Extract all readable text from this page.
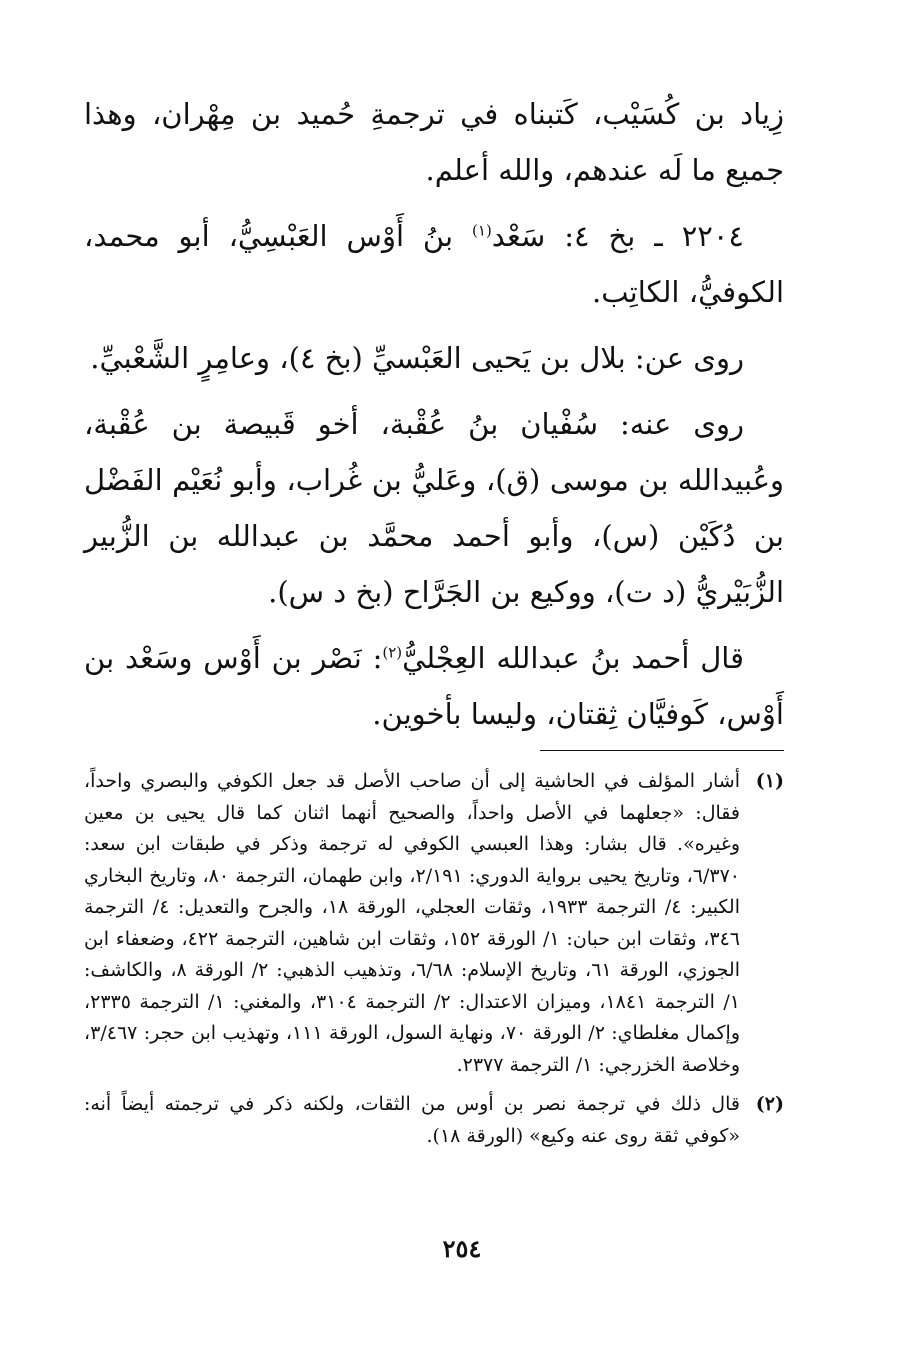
زِياد بن كُسَيْب، كَتبناه في ترجمةِ حُميد بن مِهْران، وهذا جميع ما لَه عندهم، والله أعلم.

٢٢٠٤ ـ بخ ٤: سَعْد$^{(١)}$ بنُ أَوْس العَبْسِيُّ، أبو محمد، الكوفيُّ، الكاتِب.

روى عن: بلال بن يَحيى العَبْسيِّ (بخ ٤)، وعامِرٍ الشَّعْبيِّ.

روى عنه: سُفْيان بنُ عُقْبة، أخو قَبيصة بن عُقْبة، وعُبيدالله بن موسى (ق)، وعَليُّ بن غُراب، وأبو نُعَيْم الفَضْل بن دُكَيْن (س)، وأبو أحمد محمَّد بن عبدالله بن الزُّبير الزُّبَيْريُّ (د ت)، ووكيع بن الجَرَّاح (بخ د س).

قال أحمد بنُ عبدالله العِجْليُّ$^{(٢)}$: نَصْر بن أَوْس وسَعْد بن أَوْس، كَوفيَّان ثِقتان، وليسا بأخوين.

(١)
أشار المؤلف في الحاشية إلى أن صاحب الأصل قد جعل الكوفي والبصري واحداً، فقال: «جعلهما في الأصل واحداً، والصحيح أنهما اثنان كما قال يحيى بن معين وغيره». قال بشار: وهذا العبسي الكوفي له ترجمة وذكر في طبقات ابن سعد: ٦/٣٧٠، وتاريخ يحيى برواية الدوري: ٢/١٩١، وابن طهمان، الترجمة ٨٠، وتاريخ البخاري الكبير: ٤/ الترجمة ١٩٣٣، وثقات العجلي، الورقة ١٨، والجرح والتعديل: ٤/ الترجمة ٣٤٦، وثقات ابن حبان: ١/ الورقة ١٥٢، وثقات ابن شاهين، الترجمة ٤٢٢، وضعفاء ابن الجوزي، الورقة ٦١، وتاريخ الإسلام: ٦/٦٨، وتذهيب الذهبي: ٢/ الورقة ٨، والكاشف: ١/ الترجمة ١٨٤١، وميزان الاعتدال: ٢/ الترجمة ٣١٠٤، والمغني: ١/ الترجمة ٢٣٣٥، وإكمال مغلطاي: ٢/ الورقة ٧٠، ونهاية السول، الورقة ١١١، وتهذيب ابن حجر: ٣/٤٦٧، وخلاصة الخزرجي: ١/ الترجمة ٢٣٧٧.
(٢)
قال ذلك في ترجمة نصر بن أوس من الثقات، ولكنه ذكر في ترجمته أيضاً أنه: «كوفي ثقة روى عنه وكيع» (الورقة ١٨).
٢٥٤
